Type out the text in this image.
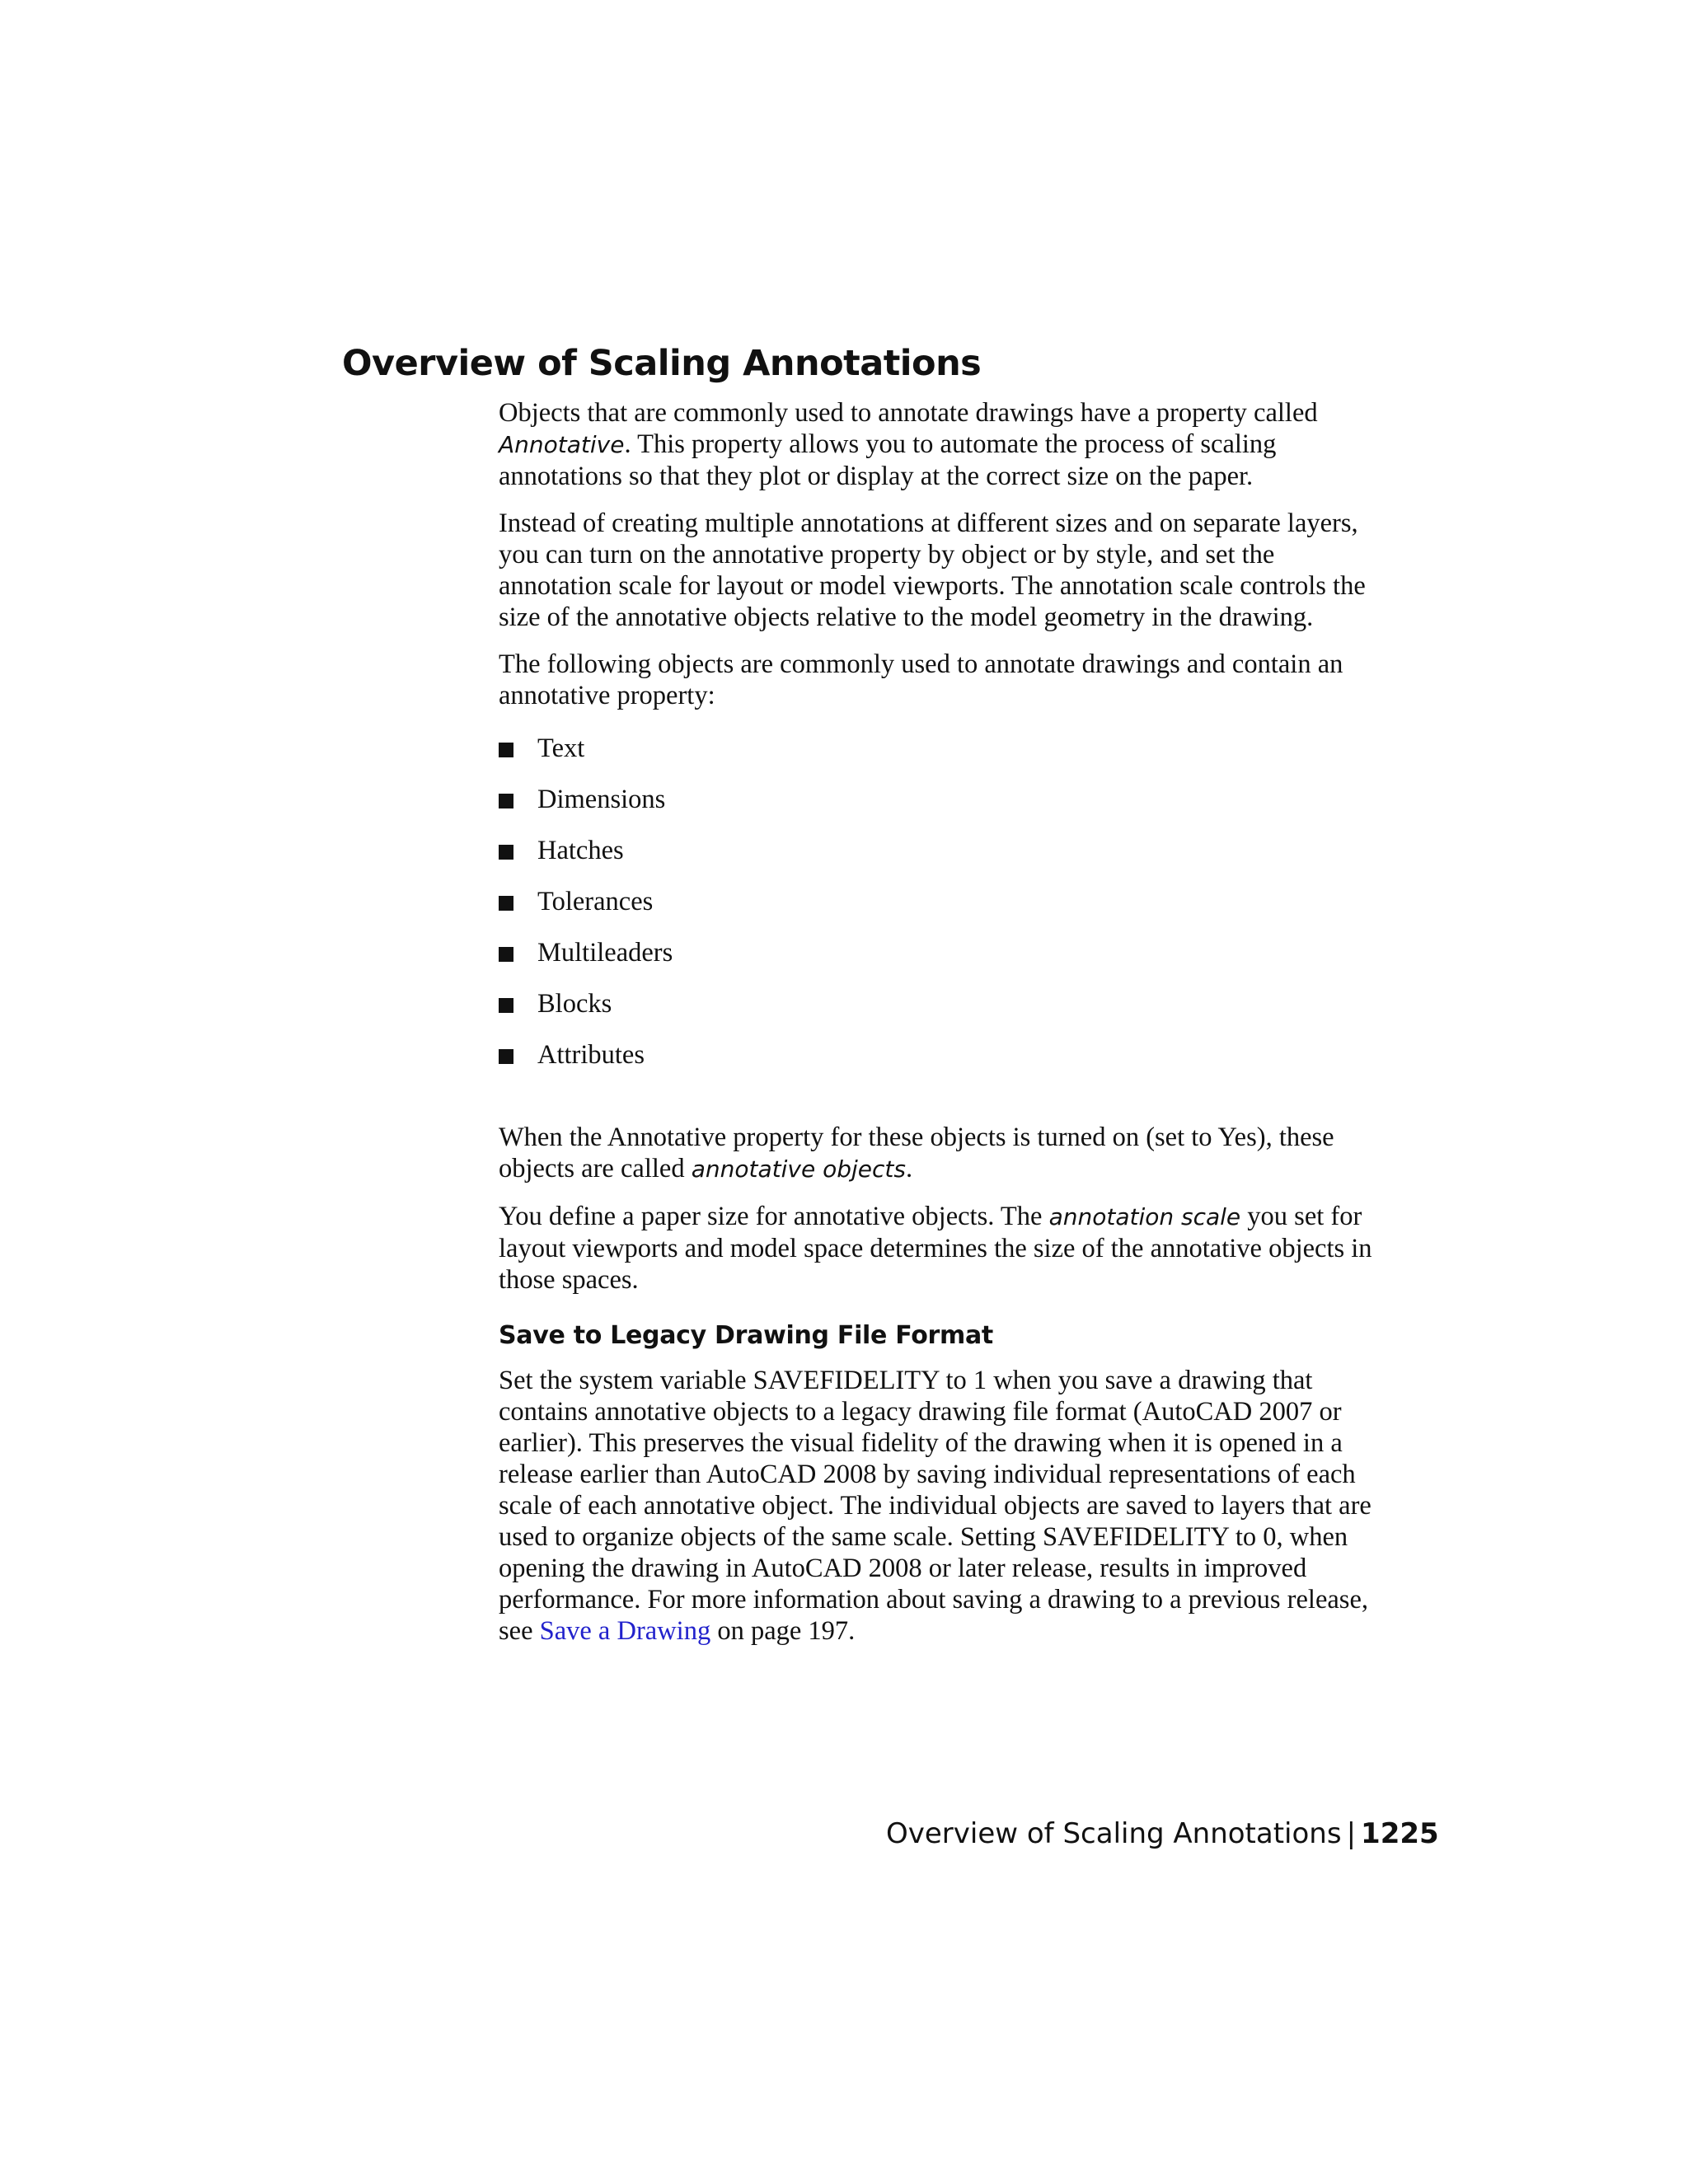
Overview of Scaling Annotations

Objects that are commonly used to annotate drawings have a property called Annotative. This property allows you to automate the process of scaling annotations so that they plot or display at the correct size on the paper.

Instead of creating multiple annotations at different sizes and on separate layers, you can turn on the annotative property by object or by style, and set the annotation scale for layout or model viewports. The annotation scale controls the size of the annotative objects relative to the model geometry in the drawing.

The following objects are commonly used to annotate drawings and contain an annotative property:

Text
Dimensions
Hatches
Tolerances
Multileaders
Blocks
Attributes

When the Annotative property for these objects is turned on (set to Yes), these objects are called annotative objects.

You define a paper size for annotative objects. The annotation scale you set for layout viewports and model space determines the size of the annotative objects in those spaces.

Save to Legacy Drawing File Format

Set the system variable SAVEFIDELITY to 1 when you save a drawing that contains annotative objects to a legacy drawing file format (AutoCAD 2007 or earlier). This preserves the visual fidelity of the drawing when it is opened in a release earlier than AutoCAD 2008 by saving individual representations of each scale of each annotative object. The individual objects are saved to layers that are used to organize objects of the same scale. Setting SAVEFIDELITY to 0, when opening the drawing in AutoCAD 2008 or later release, results in improved performance. For more information about saving a drawing to a previous release, see Save a Drawing on page 197.

Overview of Scaling Annotations | 1225
